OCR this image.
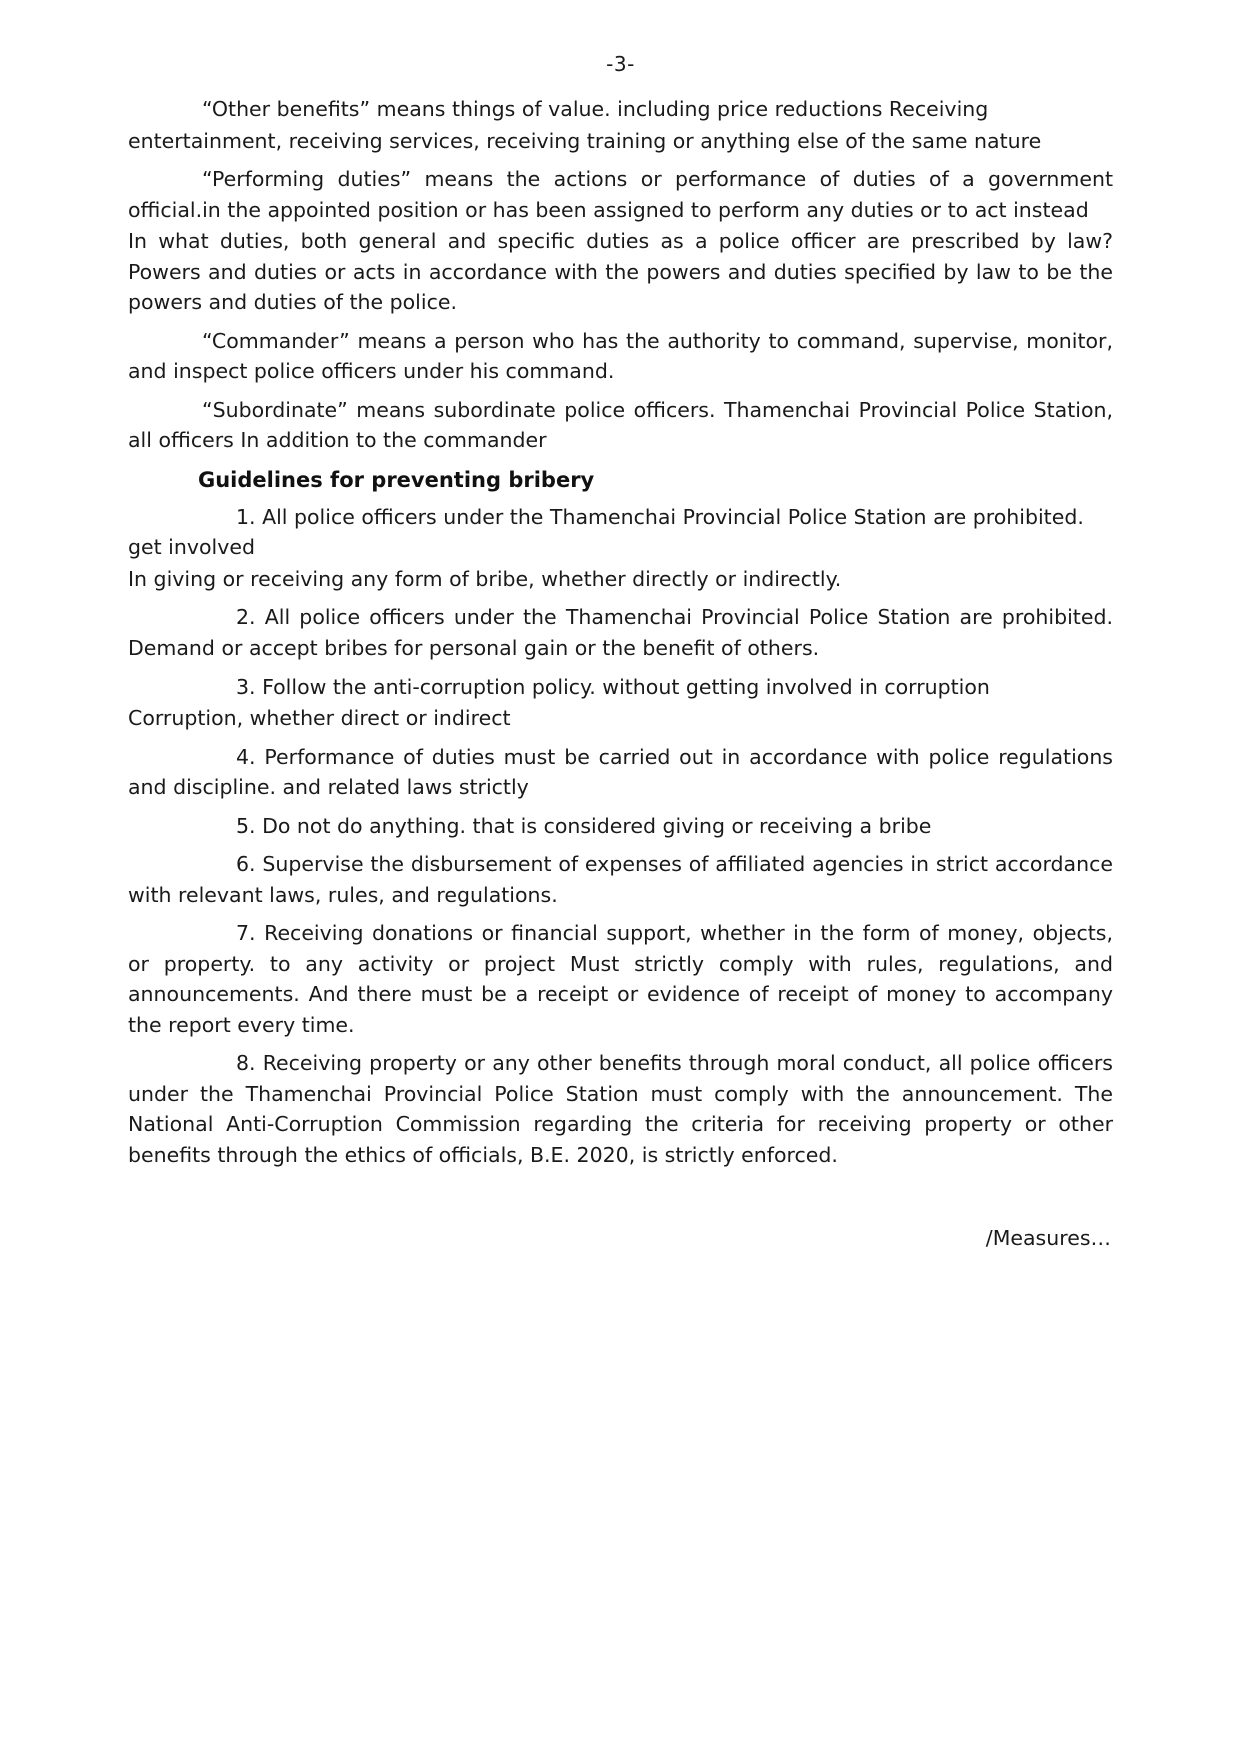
-3-

“Other benefits” means things of value. including price reductions Receiving

entertainment, receiving services, receiving training or anything else of the same nature

“Performing duties” means the actions or performance of duties of a government official.in the appointed position or has been assigned to perform any duties or to act instead

In what duties, both general and specific duties as a police officer are prescribed by law? Powers and duties or acts in accordance with the powers and duties specified by law to be the powers and duties of the police.

“Commander” means a person who has the authority to command, supervise, monitor, and inspect police officers under his command.

“Subordinate” means subordinate police officers. Thamenchai Provincial Police Station, all officers In addition to the commander

Guidelines for preventing bribery

1. All police officers under the Thamenchai Provincial Police Station are prohibited. get involved

In giving or receiving any form of bribe, whether directly or indirectly.

2. All police officers under the Thamenchai Provincial Police Station are prohibited. Demand or accept bribes for personal gain or the benefit of others.

3. Follow the anti-corruption policy. without getting involved in corruption

Corruption, whether direct or indirect

4. Performance of duties must be carried out in accordance with police regulations and discipline. and related laws strictly

5. Do not do anything. that is considered giving or receiving a bribe

6. Supervise the disbursement of expenses of affiliated agencies in strict accordance with relevant laws, rules, and regulations.

7. Receiving donations or financial support, whether in the form of money, objects, or property. to any activity or project Must strictly comply with rules, regulations, and announcements. And there must be a receipt or evidence of receipt of money to accompany the report every time.

8. Receiving property or any other benefits through moral conduct, all police officers under the Thamenchai Provincial Police Station must comply with the announcement. The National Anti-Corruption Commission regarding the criteria for receiving property or other benefits through the ethics of officials, B.E. 2020, is strictly enforced.

/Measures…
